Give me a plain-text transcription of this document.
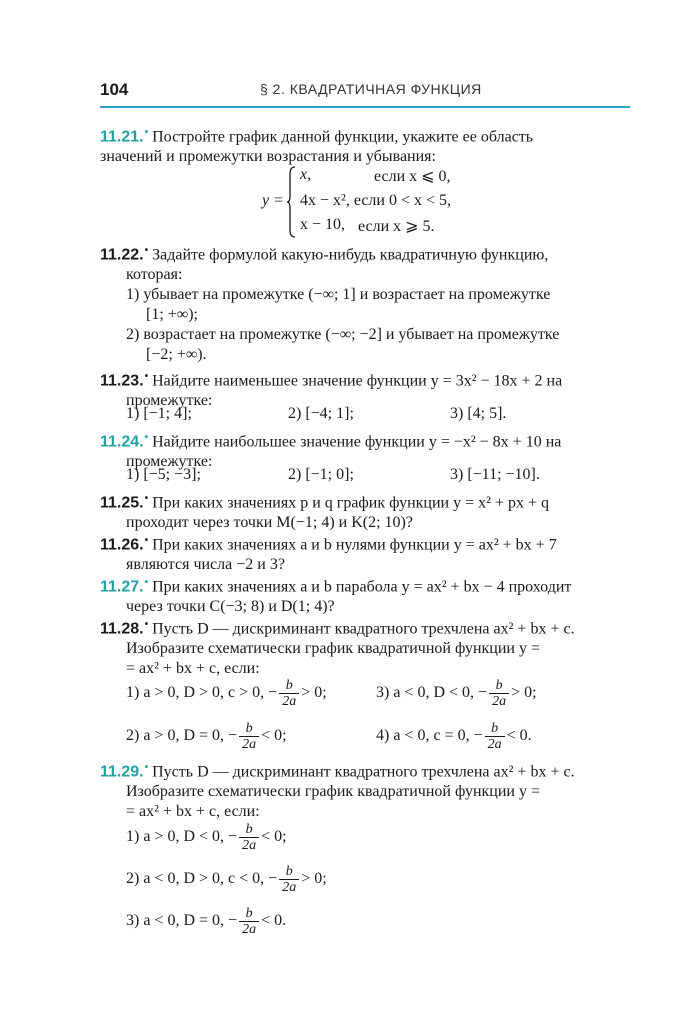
104	§ 2. КВАДРАТИЧНАЯ ФУНКЦИЯ
11.21.• Постройте график данной функции, укажите ее область
значений и промежутки возрастания и убывания:
y =
x,	если x ⩽ 0,
4x − x², если 0 < x < 5,
x − 10, если x ⩾ 5.
11.22.• Задайте формулой какую-нибудь квадратичную функцию,
которая:
1) убывает на промежутке (−∞; 1] и возрастает на промежутке
[1; +∞);
2) возрастает на промежутке (−∞; −2] и убывает на промежутке
[−2; +∞).
11.23.• Найдите наименьшее значение функции y = 3x² − 18x + 2 на
промежутке:
1) [−1; 4];	2) [−4; 1];	3) [4; 5].
11.24.• Найдите наибольшее значение функции y = −x² − 8x + 10 на
промежутке:
1) [−5; −3];	2) [−1; 0];	3) [−11; −10].
11.25.• При каких значениях p и q график функции y = x² + px + q
проходит через точки M(−1; 4) и K(2; 10)?
11.26.• При каких значениях a и b нулями функции y = ax² + bx + 7
являются числа −2 и 3?
11.27.• При каких значениях a и b парабола y = ax² + bx − 4 проходит
через точки C(−3; 8) и D(1; 4)?
11.28.• Пусть D — дискриминант квадратного трехчлена ax² + bx + c.
Изобразите схематически график квадратичной функции y =
= ax² + bx + c, если:
1) a > 0, D > 0, c > 0, − $\frac{b}{2a} > 0$;	3) a < 0, D < 0, − $\frac{b}{2a} > 0$;
2) a > 0, D = 0, − $\frac{b}{2a} < 0$;	4) a < 0, c = 0, − $\frac{b}{2a} < 0$.
11.29.• Пусть D — дискриминант квадратного трехчлена ax² + bx + c.
Изобразите схематически график квадратичной функции y =
= ax² + bx + c, если:
1) a > 0, D < 0, − $\frac{b}{2a} < 0$;
2) a < 0, D > 0, c < 0, − $\frac{b}{2a} > 0$;
3) a < 0, D = 0, − $\frac{b}{2a} < 0$.
